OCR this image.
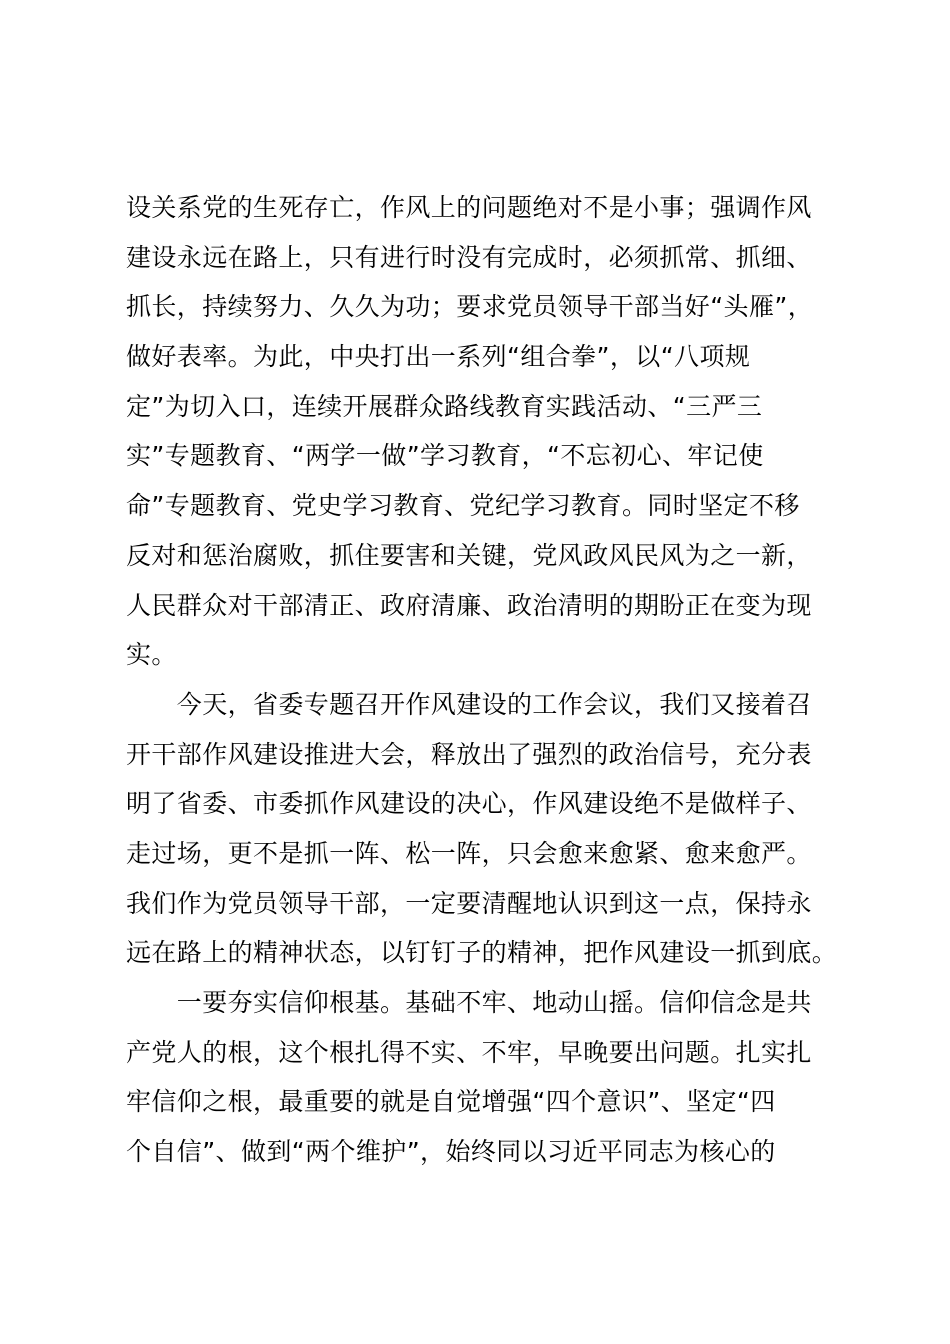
设关系党的生死存亡，作风上的问题绝对不是小事；强调作风
建设永远在路上，只有进行时没有完成时，必须抓常、抓细、
抓长，持续努力、久久为功；要求党员领导干部当好“头雁”，
做好表率。为此，中央打出一系列“组合拳”，以“八项规
定”为切入口，连续开展群众路线教育实践活动、“三严三
实”专题教育、“两学一做”学习教育，“不忘初心、牢记使
命”专题教育、党史学习教育、党纪学习教育。同时坚定不移
反对和惩治腐败，抓住要害和关键，党风政风民风为之一新，
人民群众对干部清正、政府清廉、政治清明的期盼正在变为现
实。
　　今天，省委专题召开作风建设的工作会议，我们又接着召
开干部作风建设推进大会，释放出了强烈的政治信号，充分表
明了省委、市委抓作风建设的决心，作风建设绝不是做样子、
走过场，更不是抓一阵、松一阵，只会愈来愈紧、愈来愈严。
我们作为党员领导干部，一定要清醒地认识到这一点，保持永
远在路上的精神状态，以钉钉子的精神，把作风建设一抓到底。
　　一要夯实信仰根基。基础不牢、地动山摇。信仰信念是共
产党人的根，这个根扎得不实、不牢，早晚要出问题。扎实扎
牢信仰之根，最重要的就是自觉增强“四个意识”、坚定“四
个自信”、做到“两个维护”，始终同以习近平同志为核心的
